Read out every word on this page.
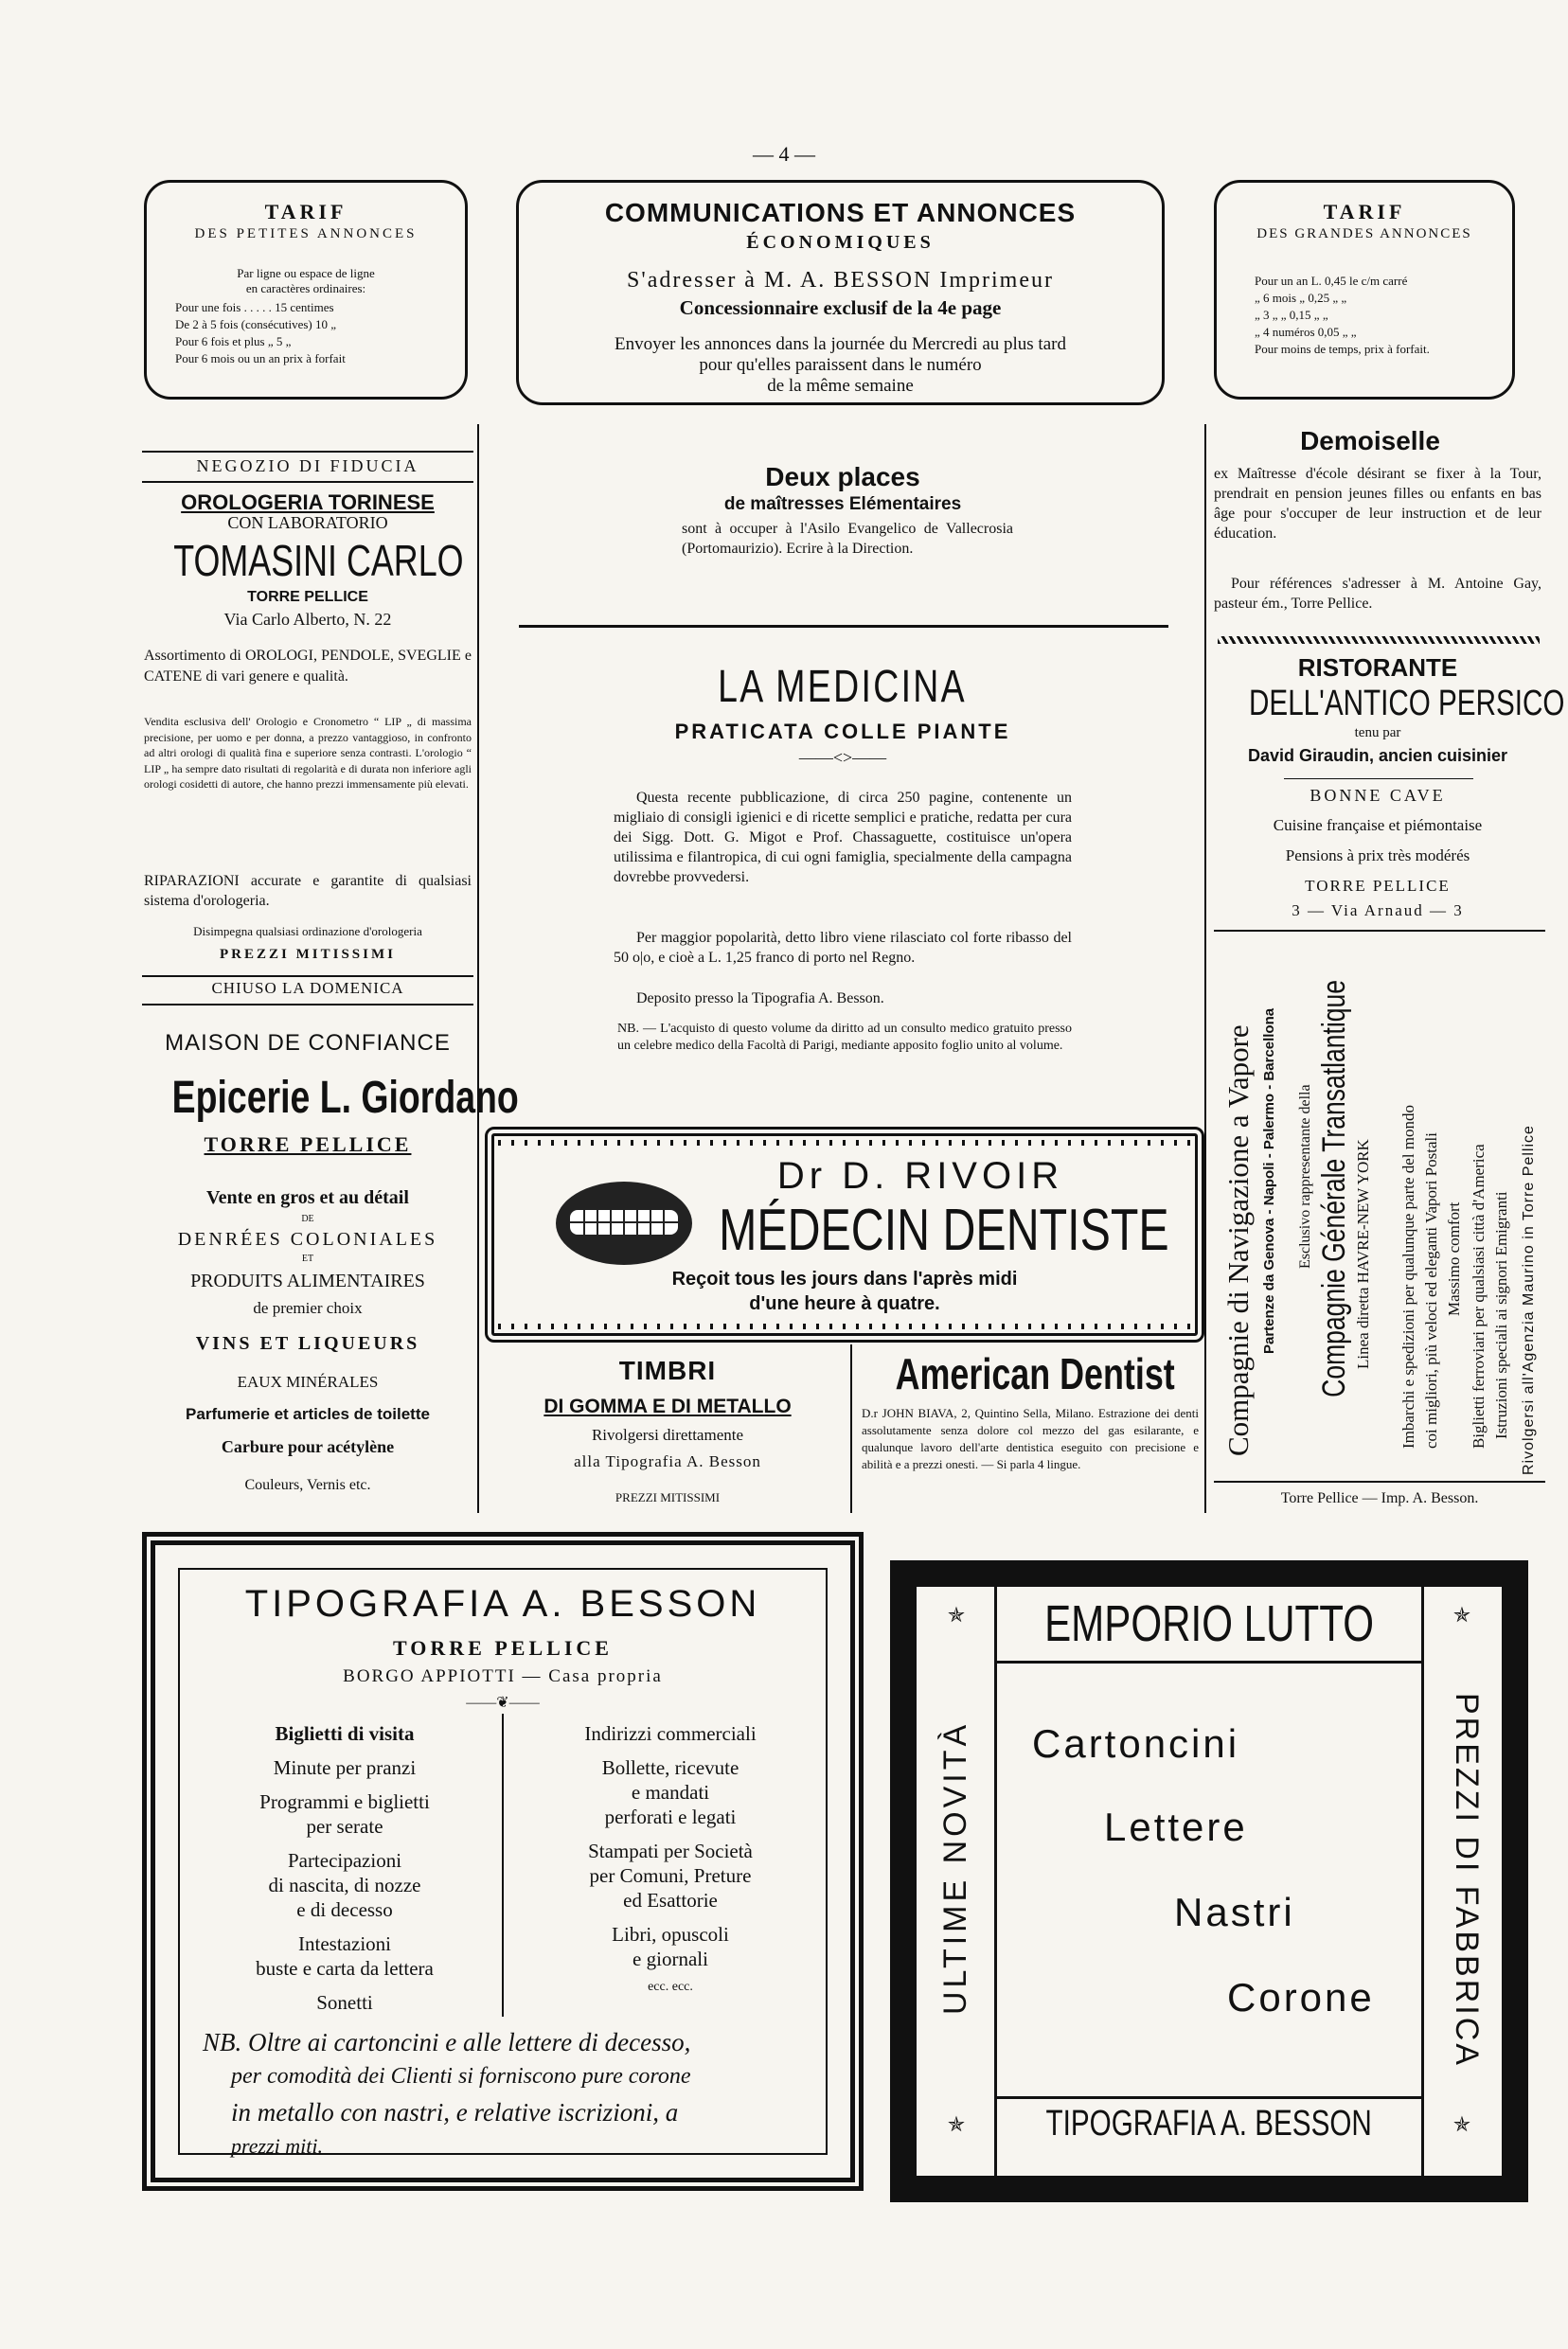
— 4 —
TARIF
DES PETITES ANNONCES
Par ligne ou espace de ligne
en caractères ordinaires:
Pour une fois . . . . . 15 centimes
De 2 à 5 fois (consécutives) 10 „
Pour 6 fois et plus „ 5 „
Pour 6 mois ou un an prix à forfait
COMMUNICATIONS ET ANNONCES
ÉCONOMIQUES
S'adresser à M. A. BESSON Imprimeur
Concessionnaire exclusif de la 4e page
Envoyer les annonces dans la journée du Mercredi au plus tard
pour qu'elles paraissent dans le numéro
de la même semaine
TARIF
DES GRANDES ANNONCES
Pour un an L. 0,45 le c/m carré
„ 6 mois „ 0,25 „ „
„ 3 „ „ 0,15 „ „
„ 4 numéros 0,05 „ „
Pour moins de temps, prix à forfait.
NEGOZIO DI FIDUCIA
OROLOGERIA TORINESE
CON LABORATORIO
TOMASINI CARLO
TORRE PELLICE
Via Carlo Alberto, N. 22
Assortimento di OROLOGI, PENDOLE, SVEGLIE e CATENE di vari genere e qualità.
Vendita esclusiva dell' Orologio e Cronometro “ LIP „ di massima precisione, per uomo e per donna, a prezzo vantaggioso, in confronto ad altri orologi di qualità fina e superiore senza contrasti. L'orologio “ LIP „ ha sempre dato risultati di regolarità e di durata non inferiore agli orologi cosidetti di autore, che hanno prezzi immensamente più elevati.
RIPARAZIONI accurate e garantite di qualsiasi sistema d'orologeria.
Disimpegna qualsiasi ordinazione d'orologeria
PREZZI MITISSIMI
CHIUSO LA DOMENICA
MAISON DE CONFIANCE
Epicerie L. Giordano
TORRE PELLICE
Vente en gros et au détail
DE
DENRÉES COLONIALES
ET
PRODUITS ALIMENTAIRES
de premier choix
VINS ET LIQUEURS
EAUX MINÉRALES
Parfumerie et articles de toilette
Carbure pour acétylène
Couleurs, Vernis etc.
Deux places
de maîtresses Elémentaires
sont à occuper à l'Asilo Evangelico de Vallecrosia (Portomaurizio). Ecrire à la Direction.
LA MEDICINA
PRATICATA COLLE PIANTE
——<>——
Questa recente pubblicazione, di circa 250 pagine, contenente un migliaio di consigli igienici e di ricette semplici e pratiche, redatta per cura dei Sigg. Dott. G. Migot e Prof. Chassaguette, costituisce un'opera utilissima e filantropica, di cui ogni famiglia, specialmente della campagna dovrebbe provvedersi.
Per maggior popolarità, detto libro viene rilasciato col forte ribasso del 50 o|o, e cioè a L. 1,25 franco di porto nel Regno.
Deposito presso la Tipografia A. Besson.
NB. — L'acquisto di questo volume da diritto ad un consulto medico gratuito presso un celebre medico della Facoltà di Parigi, mediante apposito foglio unito al volume.
Dr D. RIVOIR
MÉDECIN DENTISTE
Reçoit tous les jours dans l'après midi
d'une heure à quatre.
TIMBRI
DI GOMMA E DI METALLO
Rivolgersi direttamente
alla Tipografia A. Besson
PREZZI MITISSIMI
American Dentist
D.r JOHN BIAVA, 2, Quintino Sella, Milano. Estrazione dei denti assolutamente senza dolore col mezzo del gas esilarante, e qualunque lavoro dell'arte dentistica eseguito con precisione e abilità e a prezzi onesti. — Si parla 4 lingue.
Demoiselle
ex Maîtresse d'école désirant se fixer à la Tour, prendrait en pension jeunes filles ou enfants en bas âge pour s'occuper de leur instruction et de leur éducation.
Pour références s'adresser à M. Antoine Gay, pasteur ém., Torre Pellice.
RISTORANTE
DELL'ANTICO PERSICO
tenu par
David Giraudin, ancien cuisinier
BONNE CAVE
Cuisine française et piémontaise
Pensions à prix très modérés
TORRE PELLICE
3 — Via Arnaud — 3
Compagnie di Navigazione a Vapore Partenze da Genova - Napoli - Palermo - Barcellona Esclusivo rappresentante della Compagnie Générale Transatlantique Linea diretta HAVRE-NEW YORK Imbarchi e spedizioni per qualunque parte del mondo coi migliori, più veloci ed eleganti Vapori Postali Massimo comfort Biglietti ferroviari per qualsiasi città d'America Istruzioni speciali ai signori Emigranti Rivolgersi all'Agenzia Maurino in Torre Pellice
Torre Pellice — Imp. A. Besson.
TIPOGRAFIA A. BESSON
TORRE PELLICE
BORGO APPIOTTI — Casa propria
——❦——
Biglietti di visita
Minute per pranzi
Programmi e biglietti
per serate
Partecipazioni
di nascita, di nozze
e di decesso
Intestazioni
buste e carta da lettera
Sonetti
Indirizzi commerciali
Bollette, ricevute
e mandati
perforati e legati
Stampati per Società
per Comuni, Preture
ed Esattorie
Libri, opuscoli
e giornali
ecc. ecc.
NB. Oltre ai cartoncini e alle lettere di decesso,
per comodità dei Clienti si forniscono pure corone
in metallo con nastri, e relative iscrizioni, a
prezzi miti.
✯	✯
✯	✯
EMPORIO LUTTO
ULTIME NOVITÀ	PREZZI DI FABBRICA
Cartoncini
Lettere
Nastri
Corone
TIPOGRAFIA A. BESSON
